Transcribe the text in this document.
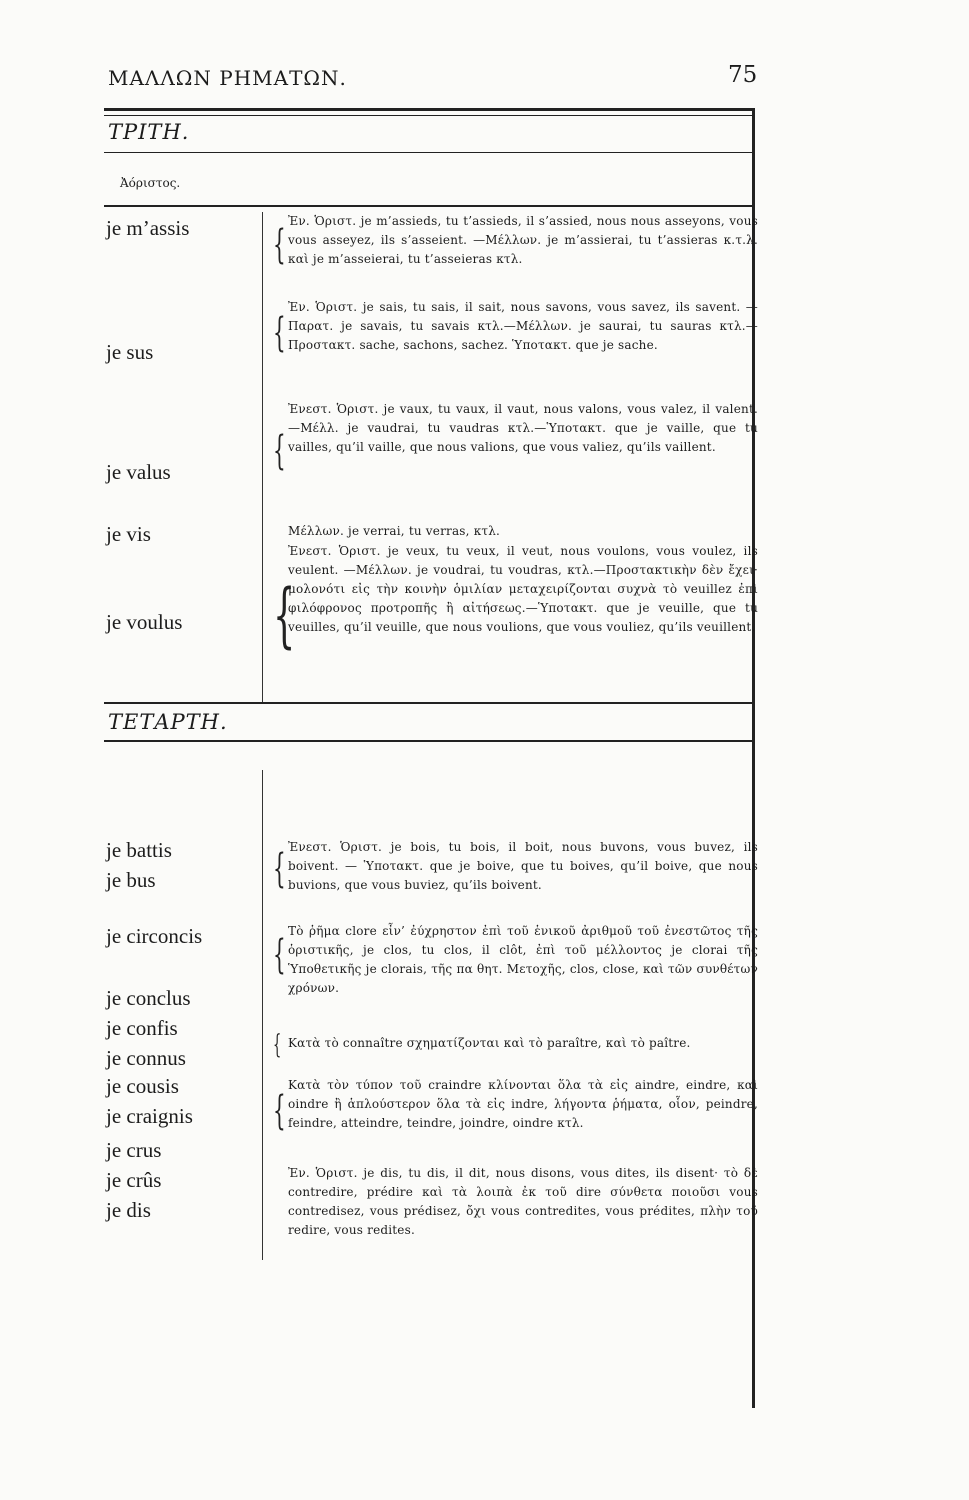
ΜΑΛΛΩΝ ΡΗΜΑΤΩΝ.	75
ΤΡΙΤΗ.
Ἀόριστος.
je m’assis
je sus
je valus
je vis
je voulus
{
{
{
{
Ἐν. Ὁριστ. je m’assieds, tu t’assieds, il s’assied, nous nous asseyons, vous vous asseyez, ils s’asseient. —Μέλλων. je m’assierai, tu t’assieras κ.τ.λ. καὶ je m’asseierai, tu t’asseieras κτλ.
Ἐν. Ὁριστ. je sais, tu sais, il sait, nous savons, vous savez, ils savent. —Παρατ. je savais, tu savais κτλ.—Μέλλων. je saurai, tu sauras κτλ.—Προστακτ. sache, sachons, sachez. Ὑποτακτ. que je sache.
Ἐνεστ. Ὁριστ. je vaux, tu vaux, il vaut, nous valons, vous valez, il valent. —Μέλλ. je vaudrai, tu vaudras κτλ.—Ὑποτακτ. que je vaille, que tu vailles, qu’il vaille, que nous valions, que vous valiez, qu’ils vaillent.
Μέλλων. je verrai, tu verras, κτλ.
Ἐνεστ. Ὁριστ. je veux, tu veux, il veut, nous voulons, vous voulez, ils veulent. —Μέλλων. je voudrai, tu voudras, κτλ.—Προστακτικὴν δὲν ἔχει· μολονότι εἰς τὴν κοινὴν ὁμιλίαν μεταχειρίζονται συχνὰ τὸ veuillez ἐπὶ φιλόφρονος προτροπῆς ἢ αἰτήσεως.—Ὑποτακτ. que je veuille, que tu veuilles, qu’il veuille, que nous voulions, que vous vouliez, qu’ils veuillent.
ΤΕΤΑΡΤΗ.
je battis
je bus
je circoncis
je conclus
je confis
je connus
je cousis
je craignis
je crus
je crûs
je dis
{
{
{
{
Ἐνεστ. Ὁριστ. je bois, tu bois, il boit, nous buvons, vous buvez, ils boivent. — Ὑποτακτ. que je boive, que tu boives, qu’il boive, que nous buvions, que vous buviez, qu’ils boivent.
Τὸ ῥῆμα clore εἶν’ ἐύχρηστον ἐπὶ τοῦ ἑνικοῦ ἀριθμοῦ τοῦ ἐνεστῶτος τῆς ὁριστικῆς, je clos, tu clos, il clôt, ἐπὶ τοῦ μέλλοντος je clorai τῆς Ὑποθετικῆς je clorais, τῆς πα θητ. Μετοχῆς, clos, close, καὶ τῶν συνθέτων χρόνων.
Κατὰ τὸ connaître σχηματίζονται καὶ τὸ paraître, καὶ τὸ paître.
Κατὰ τὸν τύπον τοῦ craindre κλίνονται ὅλα τὰ εἰς aindre, eindre, καὶ oindre ἢ ἁπλούστερον ὅλα τὰ εἰς indre, λήγοντα ῥήματα, οἷον, peindre, feindre, atteindre, teindre, joindre, oindre κτλ.
Ἐν. Ὁριστ. je dis, tu dis, il dit, nous disons, vous dites, ils disent· τὸ δὲ contredire, prédire καὶ τὰ λοιπὰ ἐκ τοῦ dire σύνθετα ποιοῦσι vous contredisez, vous prédisez, ὄχι vous contredites, vous prédites, πλὴν τοῦ redire, vous redites.
